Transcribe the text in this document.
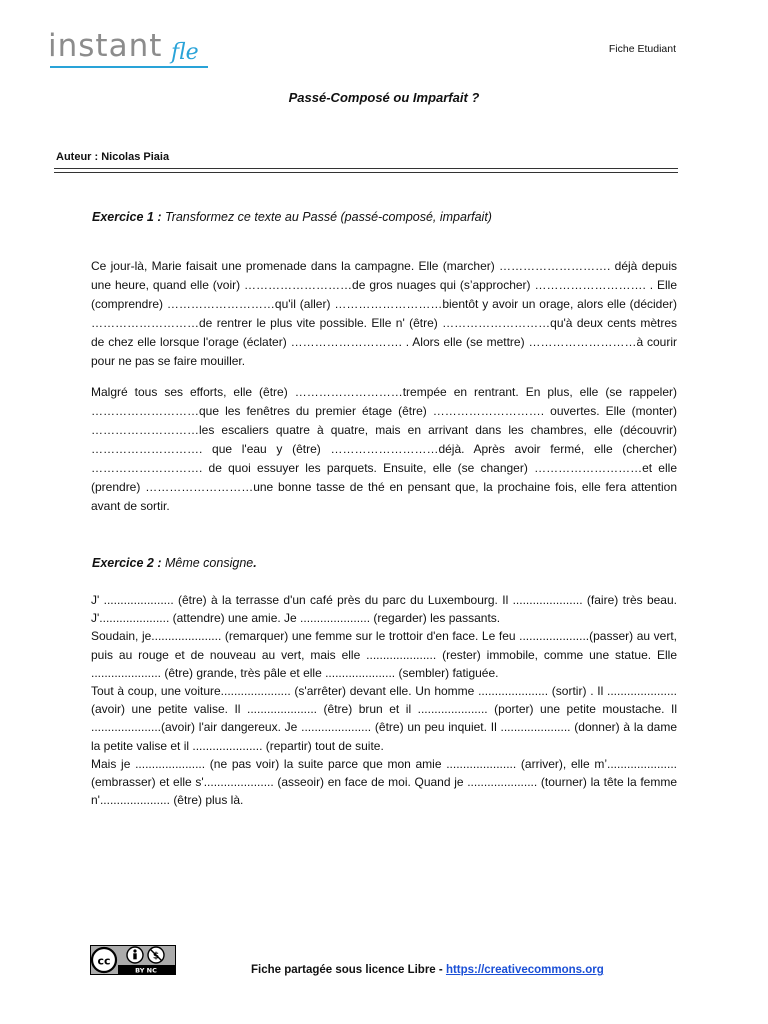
instant fle	Fiche Etudiant
Passé-Composé ou Imparfait ?
Auteur : Nicolas Piaia
Exercice 1 : Transformez ce texte au Passé (passé-composé, imparfait)
Ce jour-là, Marie faisait une promenade dans la campagne. Elle (marcher) ………………………. déjà depuis une heure, quand elle (voir) ………………………de gros nuages qui (s’approcher) ………………………. . Elle (comprendre) ………………………qu'il (aller) ………………………bientôt y avoir un orage, alors elle (décider) ………………………de rentrer le plus vite possible. Elle n' (être) ………………………qu'à deux cents mètres de chez elle lorsque l'orage (éclater) ………………………. . Alors elle (se mettre) ………………………à courir pour ne pas se faire mouiller.
Malgré tous ses efforts, elle (être) ………………………trempée en rentrant. En plus, elle (se rappeler) ………………………que les fenêtres du premier étage (être) ………………………. ouvertes. Elle (monter) ………………………les escaliers quatre à quatre, mais en arrivant dans les chambres, elle (découvrir) ………………………. que l'eau y (être) ………………………déjà. Après avoir fermé, elle (chercher) ………………………. de quoi essuyer les parquets. Ensuite, elle (se changer) ………………………et elle (prendre) ………………………une bonne tasse de thé en pensant que, la prochaine fois, elle fera attention avant de sortir.
Exercice 2 : Même consigne.
J' ..................... (être) à la terrasse d'un café près du parc du Luxembourg. Il ..................... (faire) très beau. J'..................... (attendre) une amie. Je ..................... (regarder) les passants.
Soudain, je..................... (remarquer) une femme sur le trottoir d'en face. Le feu .....................(passer) au vert, puis au rouge et de nouveau au vert, mais elle ..................... (rester) immobile, comme une statue. Elle ..................... (être) grande, très pâle et elle ..................... (sembler) fatiguée.
Tout à coup, une voiture..................... (s'arrêter) devant elle. Un homme ..................... (sortir) . Il ..................... (avoir) une petite valise. Il ..................... (être) brun et il ..................... (porter) une petite moustache. Il .....................(avoir) l'air dangereux. Je ..................... (être) un peu inquiet. Il ..................... (donner) à la dame la petite valise et il ..................... (repartir) tout de suite.
Mais je ..................... (ne pas voir) la suite parce que mon amie ..................... (arriver), elle m’..................... (embrasser) et elle s'..................... (asseoir) en face de moi. Quand je ..................... (tourner) la tête la femme n'..................... (être) plus là.
cc	$
BY NC	Fiche partagée sous licence Libre - https://creativecommons.org
